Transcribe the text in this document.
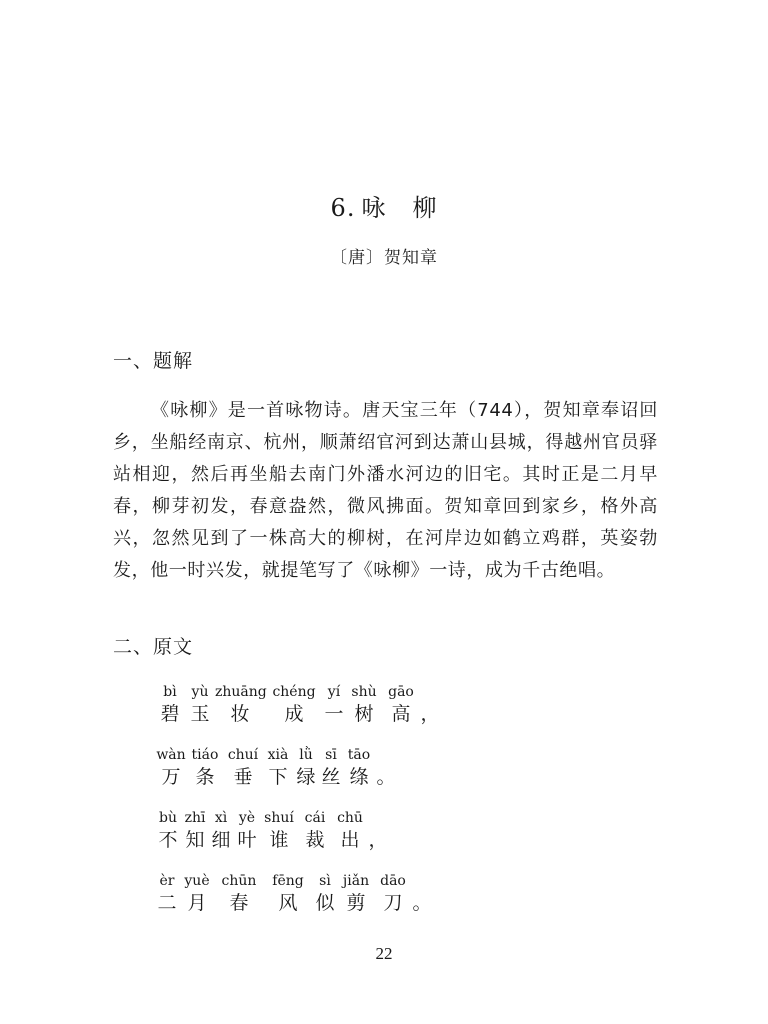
6. 咏 柳
〔唐〕贺知章
一、题解
《咏柳》是一首咏物诗。唐天宝三年（744），贺知章奉诏回乡，坐船经南京、杭州，顺萧绍官河到达萧山县城，得越州官员驿站相迎，然后再坐船去南门外潘水河边的旧宅。其时正是二月早春，柳芽初发，春意盎然，微风拂面。贺知章回到家乡，格外高兴，忽然见到了一株高大的柳树，在河岸边如鹤立鸡群，英姿勃发，他一时兴发，就提笔写了《咏柳》一诗，成为千古绝唱。
二、原文
bì	yù zhuāng chéng yí shù gāo
碧 玉	妆	成	一 树 高 ，
wàn tiáo chuí xià lǜ sī tāo
万 条 垂 下 绿 丝 绦 。
bù zhī xì yè shuí cái chū
不 知 细 叶 谁 裁 出 ，
èr yuè chūn	fēng	sì jiǎn dāo
二 月	春	风 似 剪 刀 。
22
